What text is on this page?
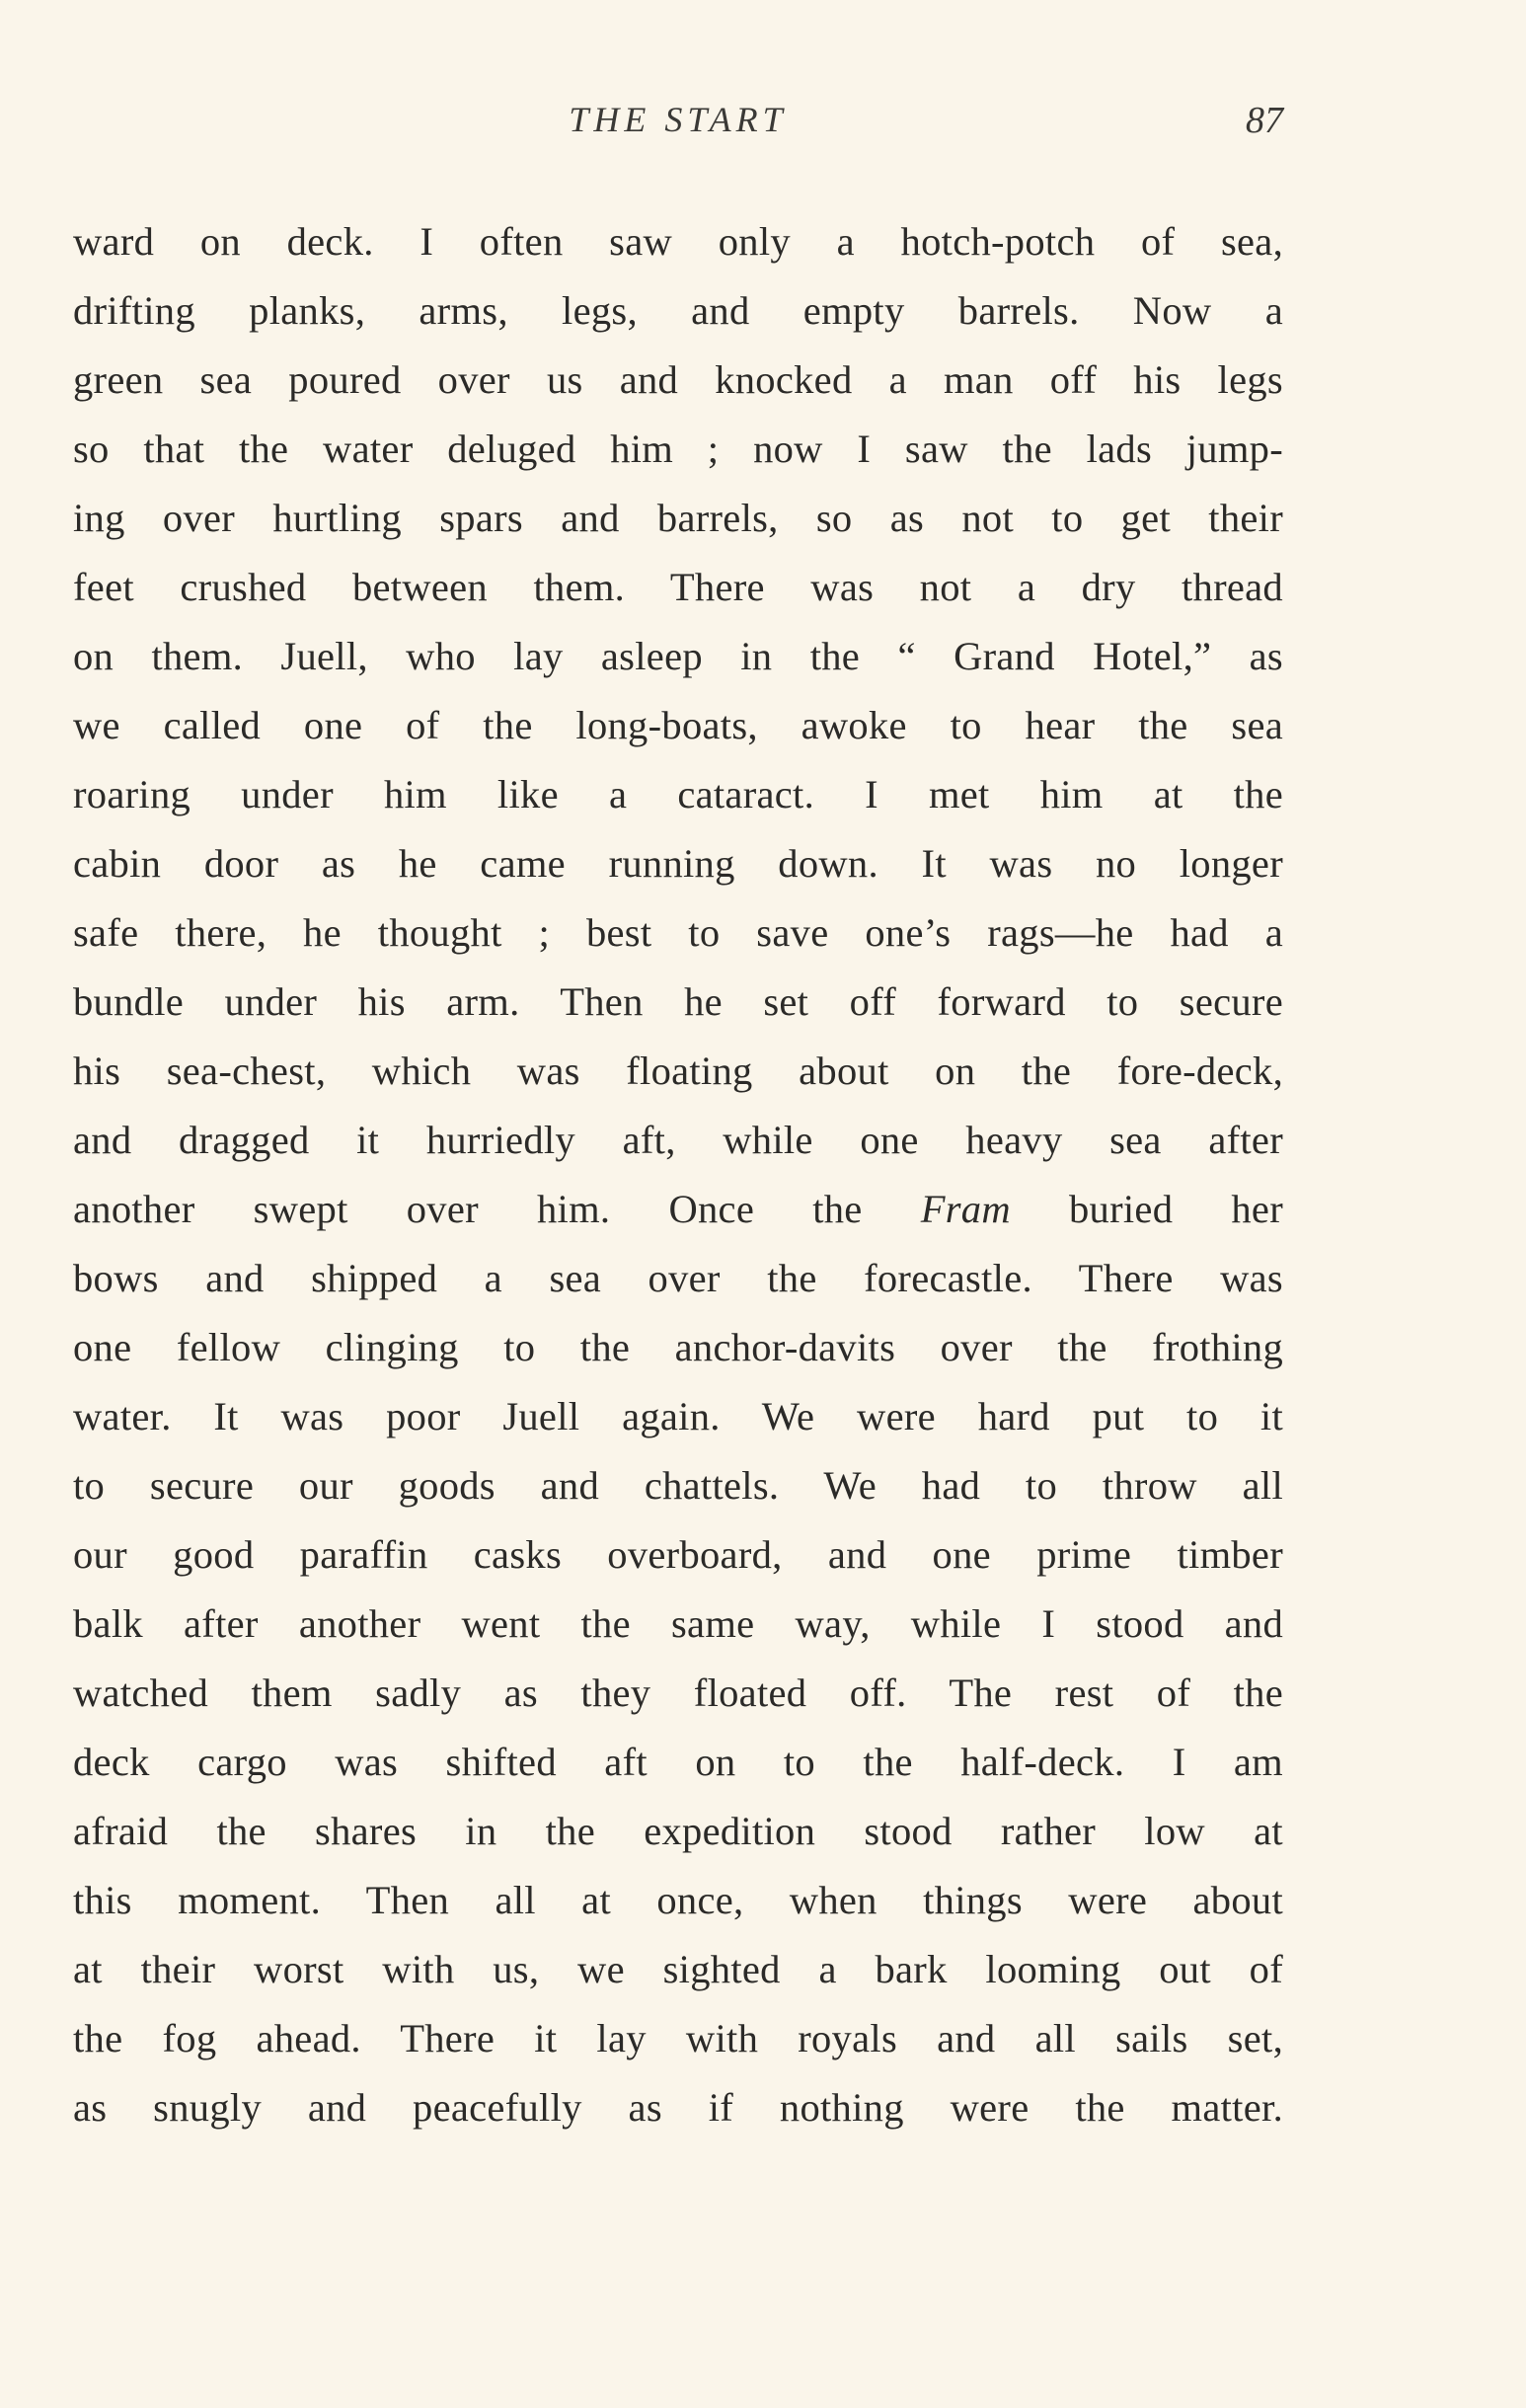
THE START	87
ward on deck. I often saw only a hotch-potch of sea,
drifting planks, arms, legs, and empty barrels. Now a
green sea poured over us and knocked a man off his legs
so that the water deluged him ; now I saw the lads jump-
ing over hurtling spars and barrels, so as not to get their
feet crushed between them. There was not a dry thread
on them. Juell, who lay asleep in the “ Grand Hotel,” as
we called one of the long-boats, awoke to hear the sea
roaring under him like a cataract. I met him at the
cabin door as he came running down. It was no longer
safe there, he thought ; best to save one’s rags—he had a
bundle under his arm. Then he set off forward to secure
his sea-chest, which was floating about on the fore-deck,
and dragged it hurriedly aft, while one heavy sea after
another swept over him. Once the Fram buried her
bows and shipped a sea over the forecastle. There was
one fellow clinging to the anchor-davits over the frothing
water. It was poor Juell again. We were hard put to it
to secure our goods and chattels. We had to throw all
our good paraffin casks overboard, and one prime timber
balk after another went the same way, while I stood and
watched them sadly as they floated off. The rest of the
deck cargo was shifted aft on to the half-deck. I am
afraid the shares in the expedition stood rather low at
this moment. Then all at once, when things were about
at their worst with us, we sighted a bark looming out of
the fog ahead. There it lay with royals and all sails set,
as snugly and peacefully as if nothing were the matter.
